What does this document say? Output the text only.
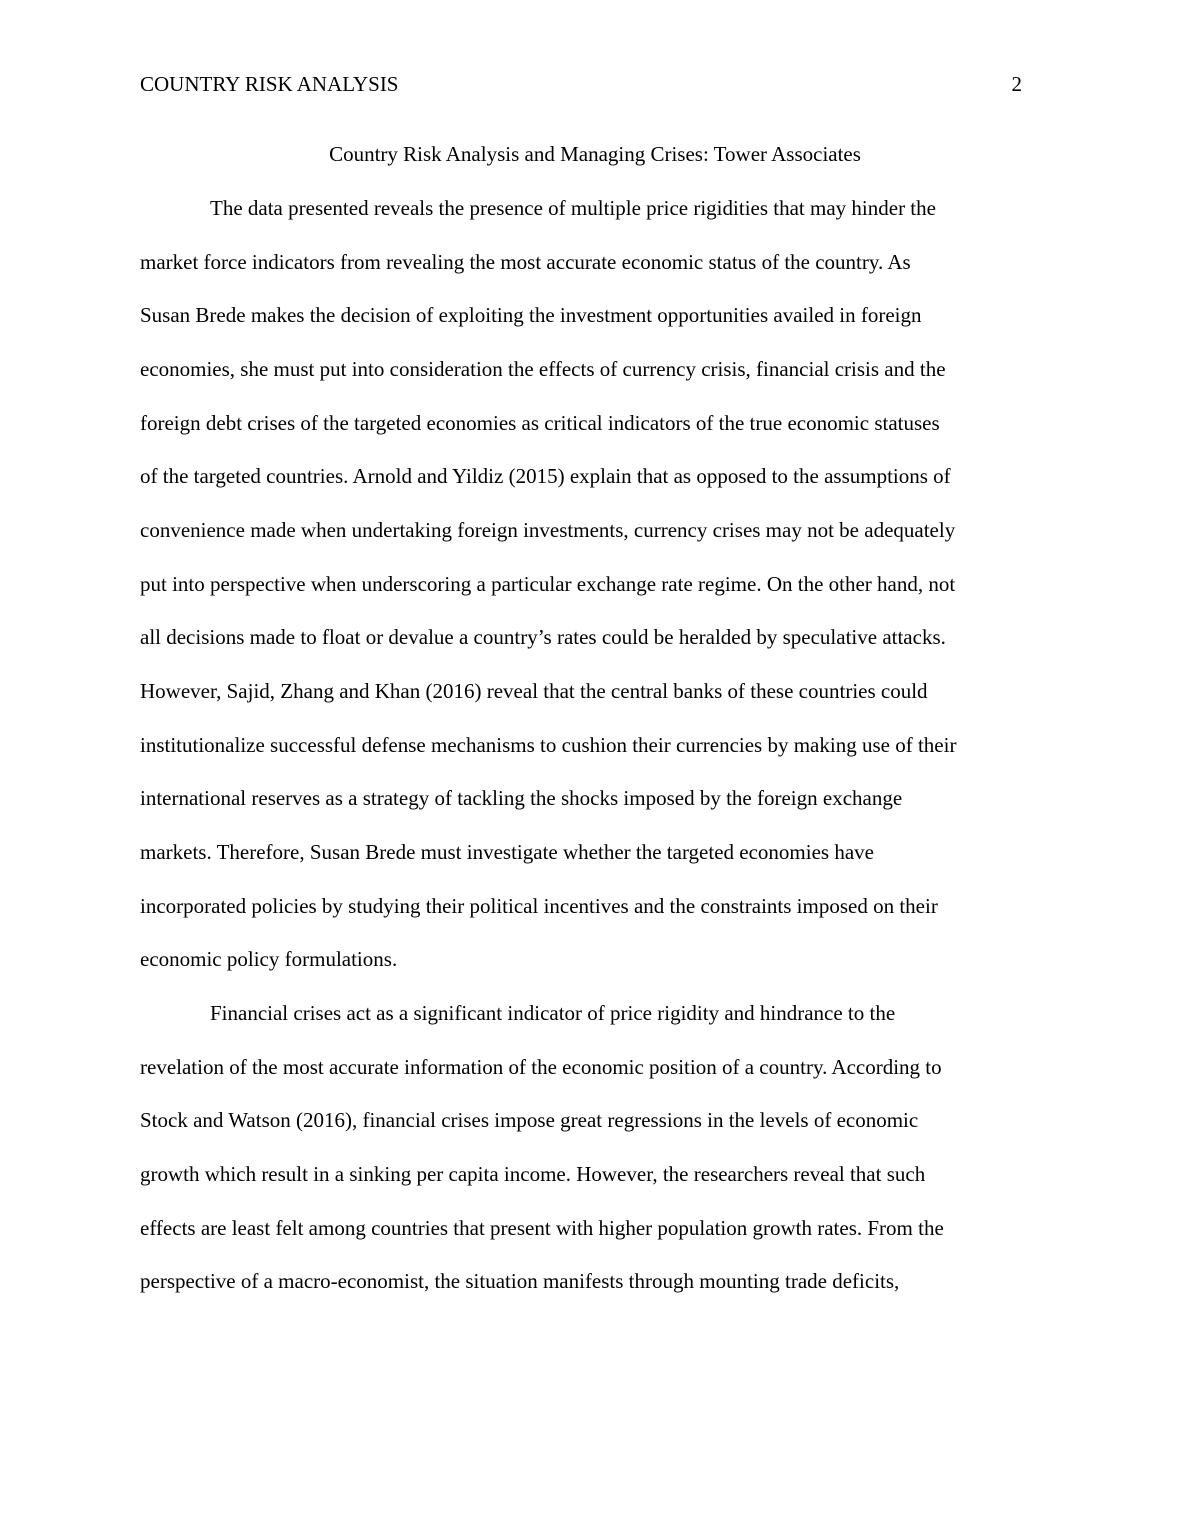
COUNTRY RISK ANALYSIS	2
Country Risk Analysis and Managing Crises: Tower Associates
The data presented reveals the presence of multiple price rigidities that may hinder the
market force indicators from revealing the most accurate economic status of the country. As
Susan Brede makes the decision of exploiting the investment opportunities availed in foreign
economies, she must put into consideration the effects of currency crisis, financial crisis and the
foreign debt crises of the targeted economies as critical indicators of the true economic statuses
of the targeted countries. Arnold and Yildiz (2015) explain that as opposed to the assumptions of
convenience made when undertaking foreign investments, currency crises may not be adequately
put into perspective when underscoring a particular exchange rate regime. On the other hand, not
all decisions made to float or devalue a country’s rates could be heralded by speculative attacks.
However, Sajid, Zhang and Khan (2016) reveal that the central banks of these countries could
institutionalize successful defense mechanisms to cushion their currencies by making use of their
international reserves as a strategy of tackling the shocks imposed by the foreign exchange
markets. Therefore, Susan Brede must investigate whether the targeted economies have
incorporated policies by studying their political incentives and the constraints imposed on their
economic policy formulations.
Financial crises act as a significant indicator of price rigidity and hindrance to the
revelation of the most accurate information of the economic position of a country. According to
Stock and Watson (2016), financial crises impose great regressions in the levels of economic
growth which result in a sinking per capita income. However, the researchers reveal that such
effects are least felt among countries that present with higher population growth rates. From the
perspective of a macro-economist, the situation manifests through mounting trade deficits,
